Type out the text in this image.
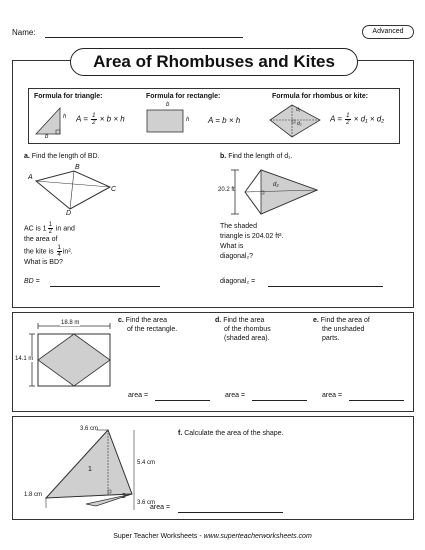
Name:	Advanced
Area of Rhombuses and Kites
Formula for triangle:
h
b
$A = \frac{1}{2} \times b \times h$
Formula for rectangle:
b
h A = b × h
Formula for rhombus or kite:
d₁
d₂
$A = \frac{1}{2} \times d_1 \times d_2$
a. Find the length of BD.
A
B
C
D
AC is $1 \frac{1}{2}$ in and
the area of
the kite is $\frac{1}{4} in^2$.
What is BD?
BD =
b. Find the length of d₁.
20.2 ft
d₂
The shaded
triangle is 204.02 ft².
What is
diagonal₂?
diagonal₂ =
18.8 m
14.1 m
c. Find the area
of the rectangle.
d. Find the area
of the rhombus
(shaded area).
e. Find the area of
the unshaded
parts.
area =	area =	area =
3.6 cm
5.4 cm
3.6 cm
1.8 cm
1
2
f. Calculate the area of the shape.
area =
Super Teacher Worksheets - www.superteacherworksheets.com
